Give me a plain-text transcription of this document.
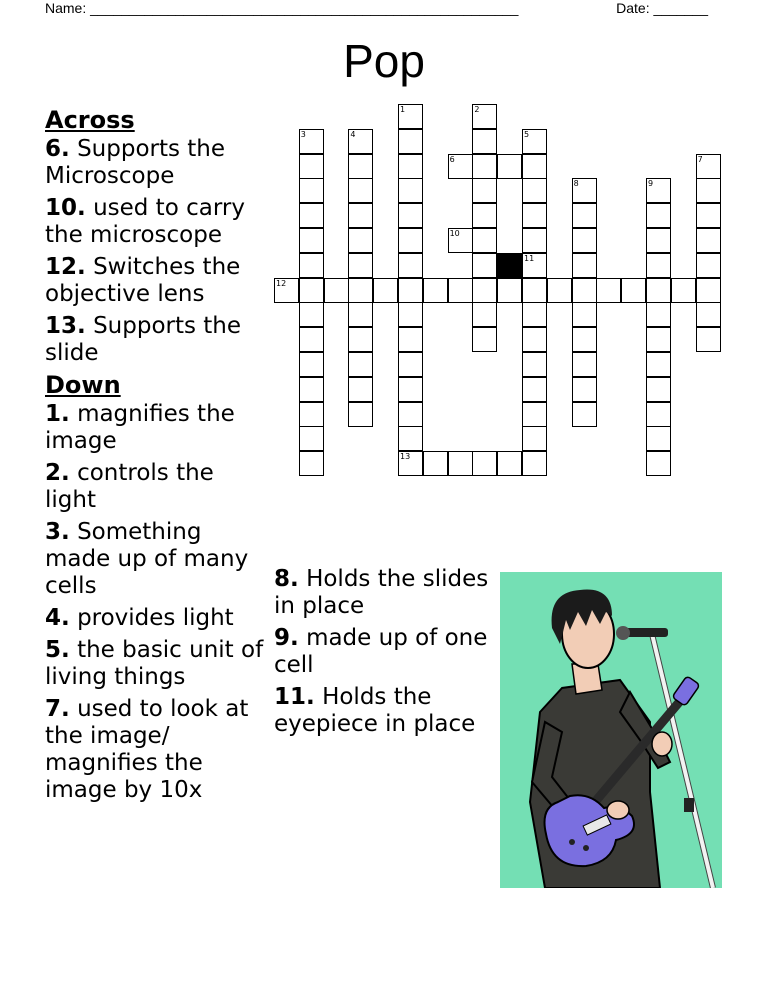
Name: _______________________________________________________	Date: _______
Pop
Across
6. Supports the Microscope
10. used to carry the microscope
12. Switches the objective lens
13. Supports the slide
Down
1. magnifies the image
2. controls the light
3. Something made up of many cells
4. provides light
5. the basic unit of living things
7. used to look at the image/ magnifies the image by 10x
8. Holds the slides in place
9. made up of one cell
11. Holds the eyepiece in place
1
13
2
3	4	5
11
6	7
8	9
10
12
